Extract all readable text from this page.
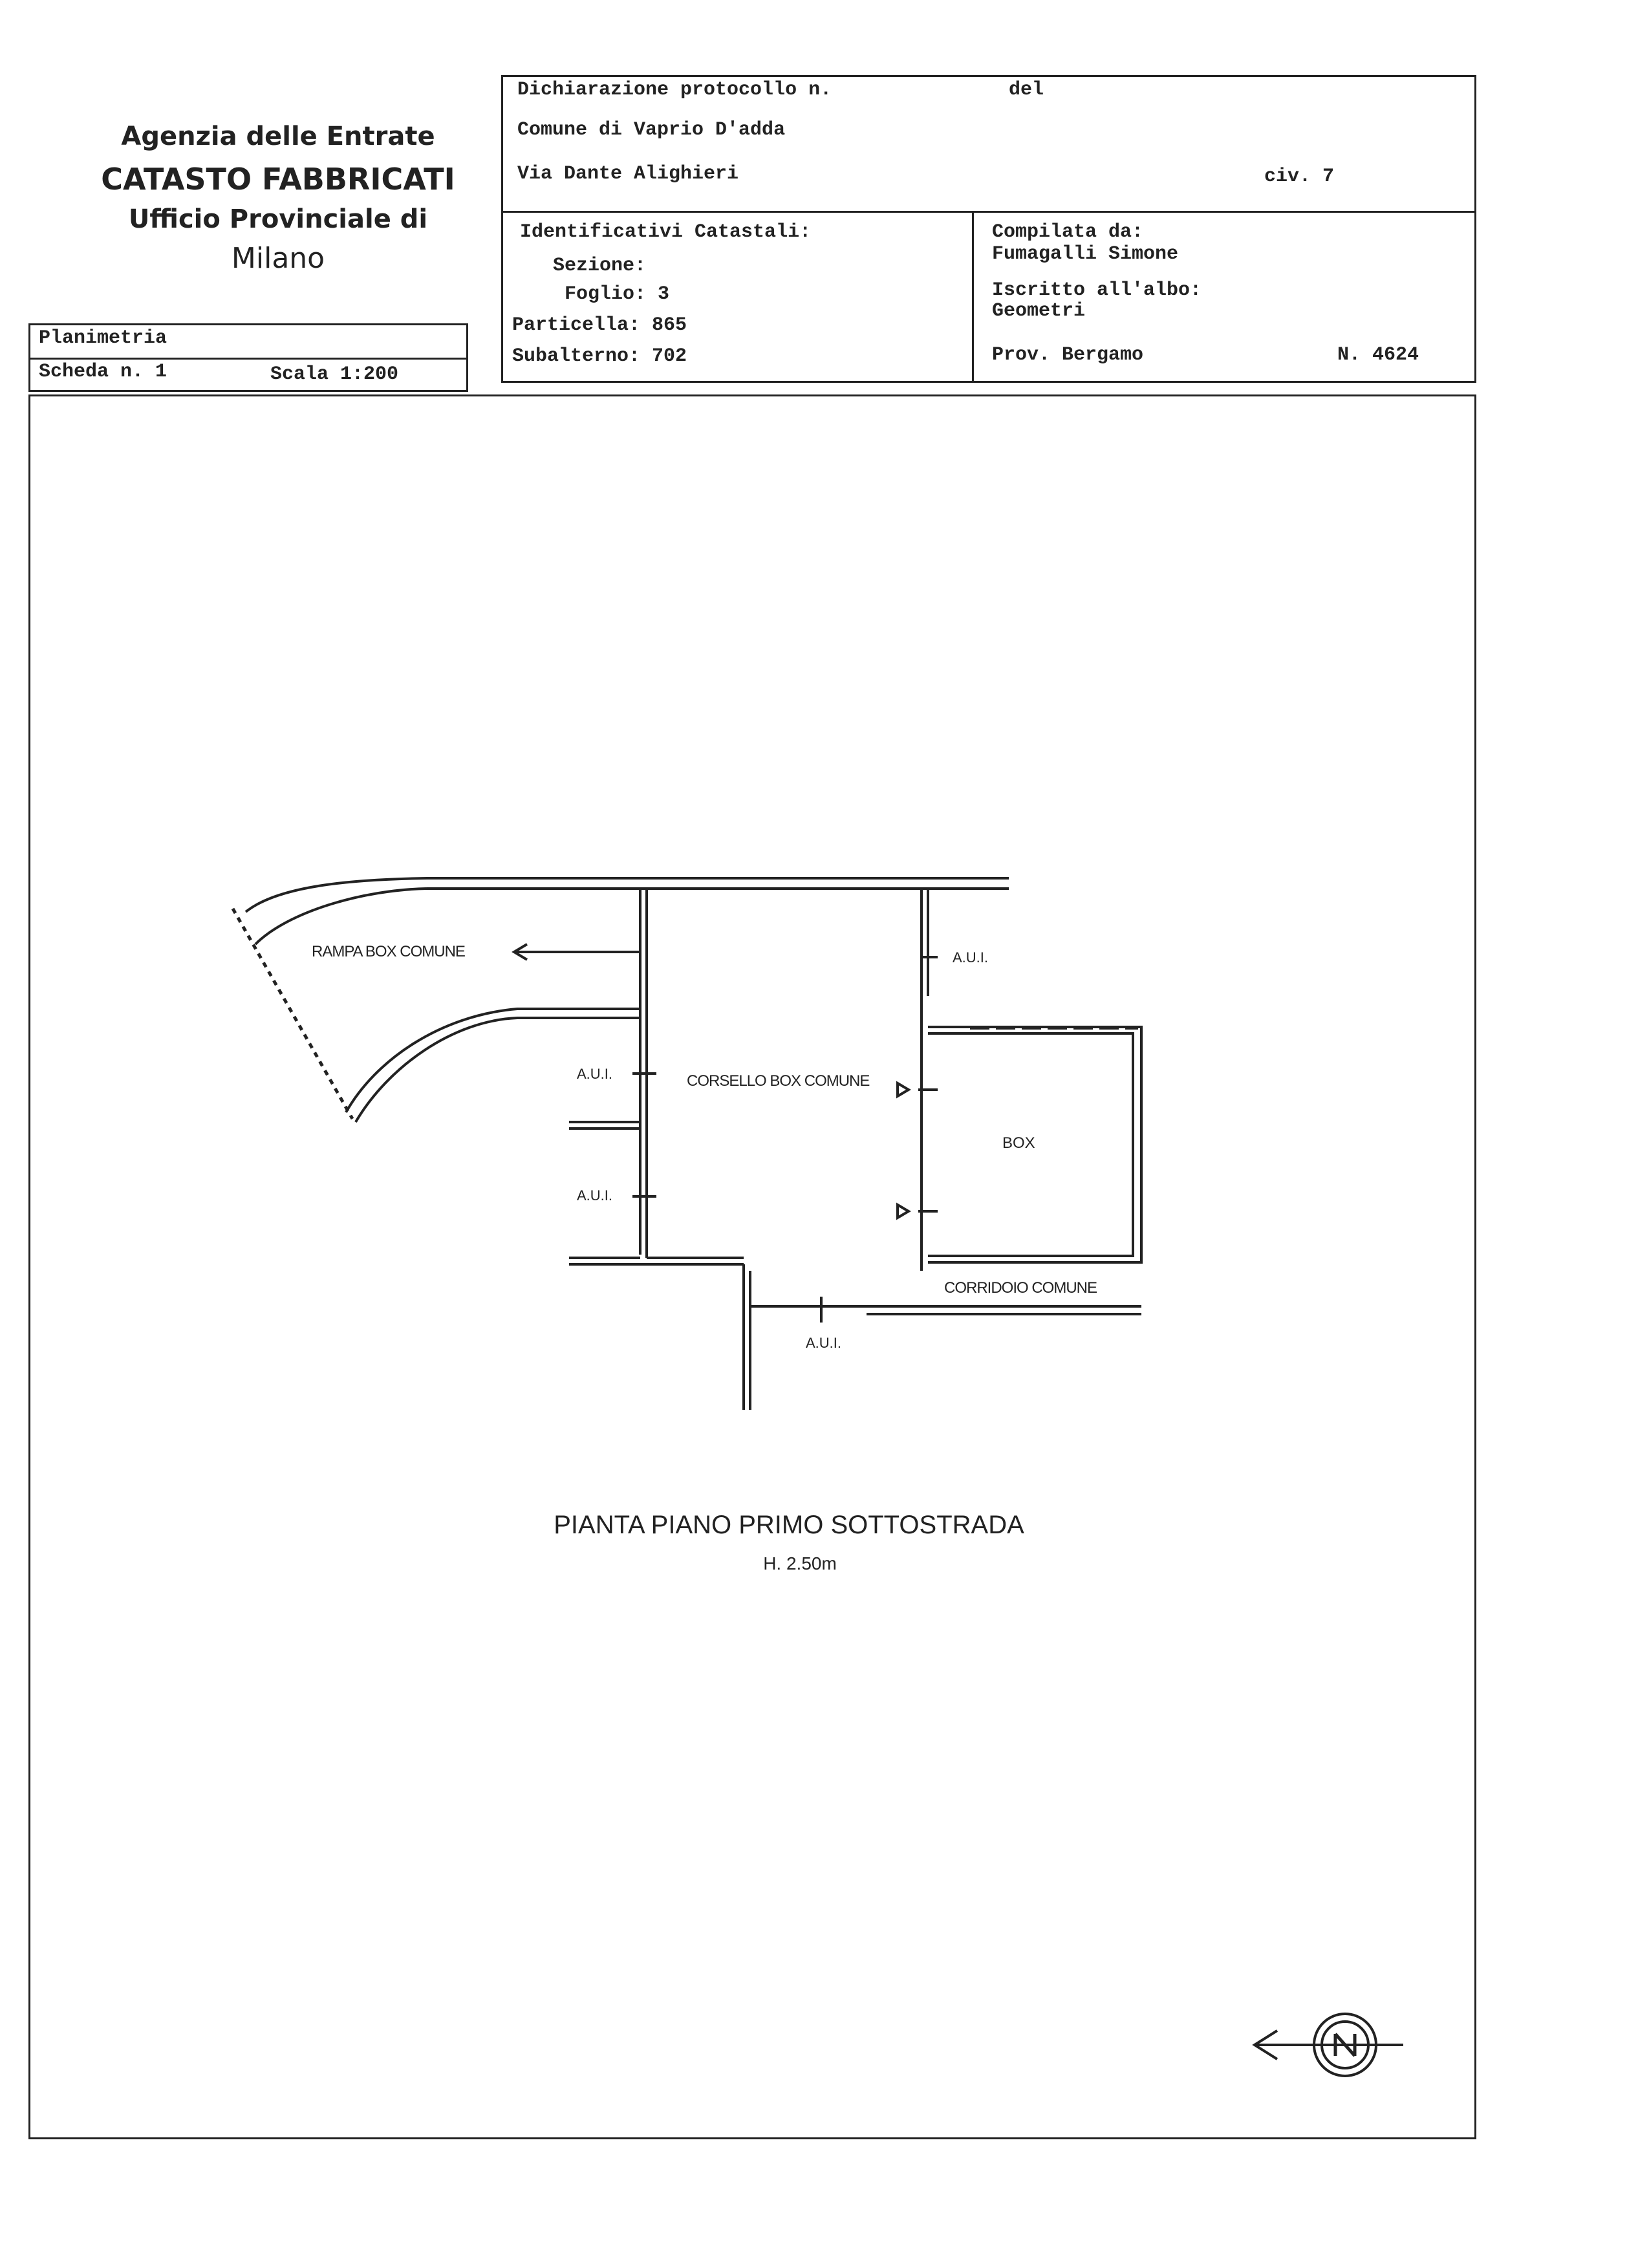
Agenzia delle Entrate
CATASTO FABBRICATI
Ufficio Provinciale di
Milano
Planimetria
Scheda n. 1	Scala 1:200
Dichiarazione protocollo n.	del
Comune di Vaprio D'adda
Via Dante Alighieri	civ. 7
Identificativi Catastali:
Sezione:
Foglio: 3
Particella: 865
Subalterno: 702
Compilata da:
Fumagalli Simone
Iscritto all'albo:
Geometri
Prov. Bergamo	N. 4624
RAMPA BOX COMUNE
CORSELLO BOX COMUNE
BOX
CORRIDOIO COMUNE
A.U.I.
A.U.I.
A.U.I.
A.U.I.
PIANTA PIANO PRIMO SOTTOSTRADA
H. 2.50m
